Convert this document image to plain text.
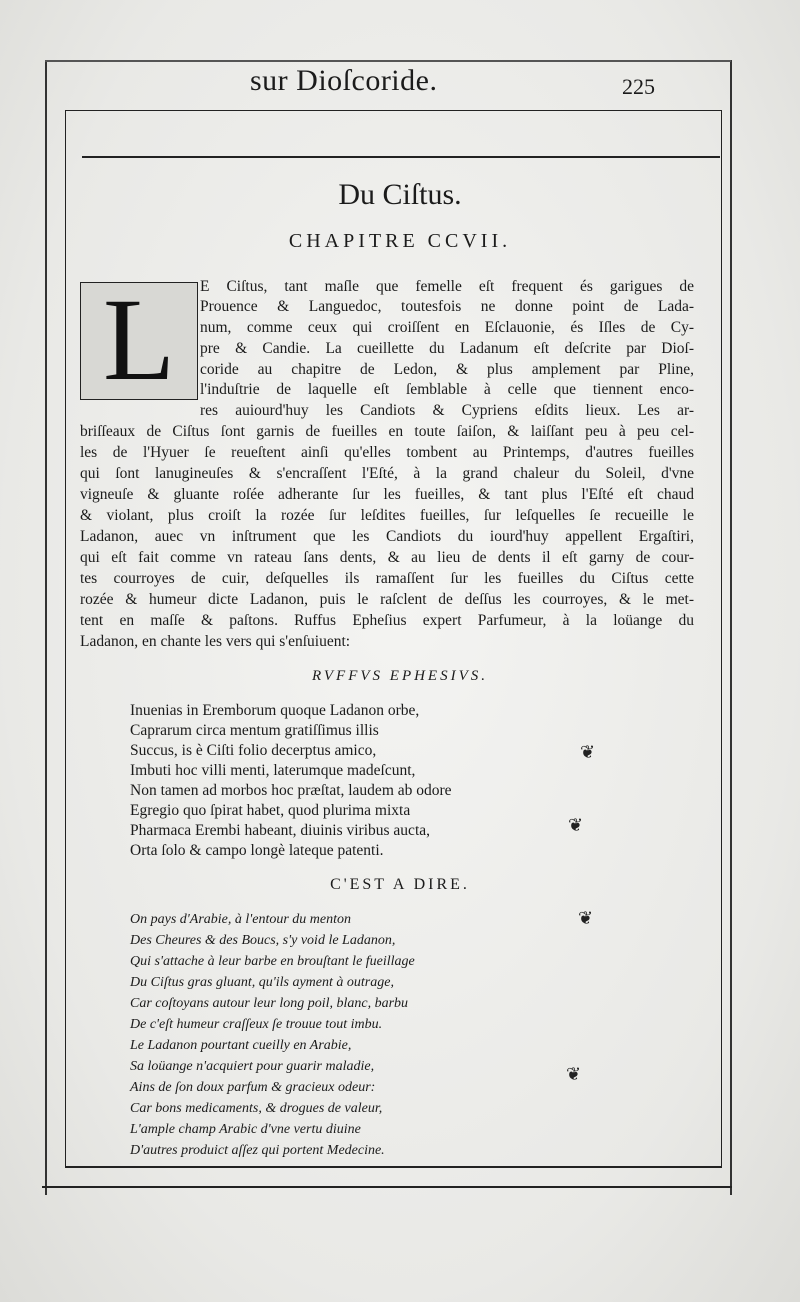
sur Dioſcoride.	225
Du Ciſtus.
CHAPITRE CCVII.
L	E Ciſtus, tant maſle que femelle eſt frequent és garigues de
Prouence & Languedoc, toutesfois ne donne point de Lada-
num, comme ceux qui croiſſent en Eſclauonie, és Iſles de Cy-
pre & Candie. La cueillette du Ladanum eſt deſcrite par Dioſ-
coride au chapitre de Ledon, & plus amplement par Pline,
l'induſtrie de laquelle eſt ſemblable à celle que tiennent enco-
res auiourd'huy les Candiots & Cypriens eſdits lieux. Les ar-
briſſeaux de Ciſtus ſont garnis de fueilles en toute ſaiſon, & laiſſant peu à peu cel-
les de l'Hyuer ſe reueſtent ainſi qu'elles tombent au Printemps, d'autres fueilles
qui ſont lanugineuſes & s'encraſſent l'Eſté, à la grand chaleur du Soleil, d'vne
vigneuſe & gluante roſée adherante ſur les fueilles, & tant plus l'Eſté eſt chaud
& violant, plus croiſt la rozée ſur leſdites fueilles, ſur leſquelles ſe recueille le
Ladanon, auec vn inſtrument que les Candiots du iourd'huy appellent Ergaſtiri,
qui eſt fait comme vn rateau ſans dents, & au lieu de dents il eſt garny de cour-
tes courroyes de cuir, deſquelles ils ramaſſent ſur les fueilles du Ciſtus cette
rozée & humeur dicte Ladanon, puis le raſclent de deſſus les courroyes, & le met-
tent en maſſe & paſtons. Ruffus Epheſius expert Parfumeur, à la loüange du
Ladanon, en chante les vers qui s'enſuiuent:
RVFFVS EPHESIVS.
Inuenias in Eremborum quoque Ladanon orbe,
Caprarum circa mentum gratiſſimus illis
Succus, is è Ciſti folio decerptus amico,
Imbuti hoc villi menti, laterumque madeſcunt,
Non tamen ad morbos hoc præſtat, laudem ab odore
Egregio quo ſpirat habet, quod plurima mixta
Pharmaca Erembi habeant, diuinis viribus aucta,
Orta ſolo & campo longè lateque patenti.
C'EST A DIRE.
On pays d'Arabie, à l'entour du menton
Des Cheures & des Boucs, s'y void le Ladanon,
Qui s'attache à leur barbe en brouſtant le fueillage
Du Ciſtus gras gluant, qu'ils ayment à outrage,
Car coſtoyans autour leur long poil, blanc, barbu
De c'eſt humeur craſſeux ſe trouue tout imbu.
Le Ladanon pourtant cueilly en Arabie,
Sa loüange n'acquiert pour guarir maladie,
Ains de ſon doux parfum & gracieux odeur:
Car bons medicaments, & drogues de valeur,
L'ample champ Arabic d'vne vertu diuine
D'autres produict aſſez qui portent Medecine.
❦
❦
❦
❦
